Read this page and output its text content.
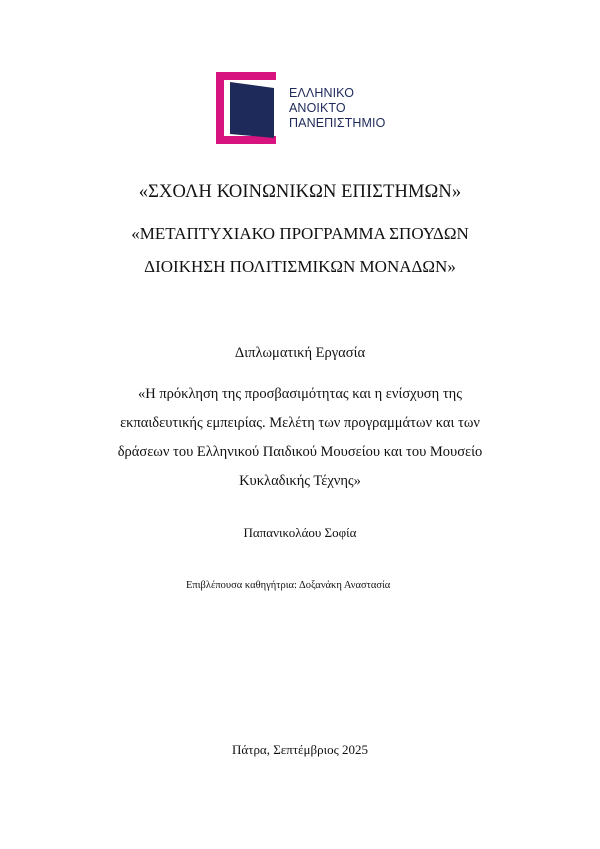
ΕΛΛΗΝΙΚΟ
ΑΝΟΙΚΤΟ
ΠΑΝΕΠΙΣΤΗΜΙΟ
«ΣΧΟΛΗ ΚΟΙΝΩΝΙΚΩΝ ΕΠΙΣΤΗΜΩΝ»
«ΜΕΤΑΠΤΥΧΙΑΚΟ ΠΡΟΓΡΑΜΜΑ ΣΠΟΥΔΩΝ
ΔΙΟΙΚΗΣΗ ΠΟΛΙΤΙΣΜΙΚΩΝ ΜΟΝΑΔΩΝ»
Διπλωματική Εργασία
«Η πρόκληση της προσβασιμότητας και η ενίσχυση της
εκπαιδευτικής εμπειρίας. Μελέτη των προγραμμάτων και των
δράσεων του Ελληνικού Παιδικού Μουσείου και του Μουσείο
Κυκλαδικής Τέχνης»
Παπανικολάου Σοφία
Επιβλέπουσα καθηγήτρια: Δοξανάκη Αναστασία
Πάτρα, Σεπτέμβριος 2025
